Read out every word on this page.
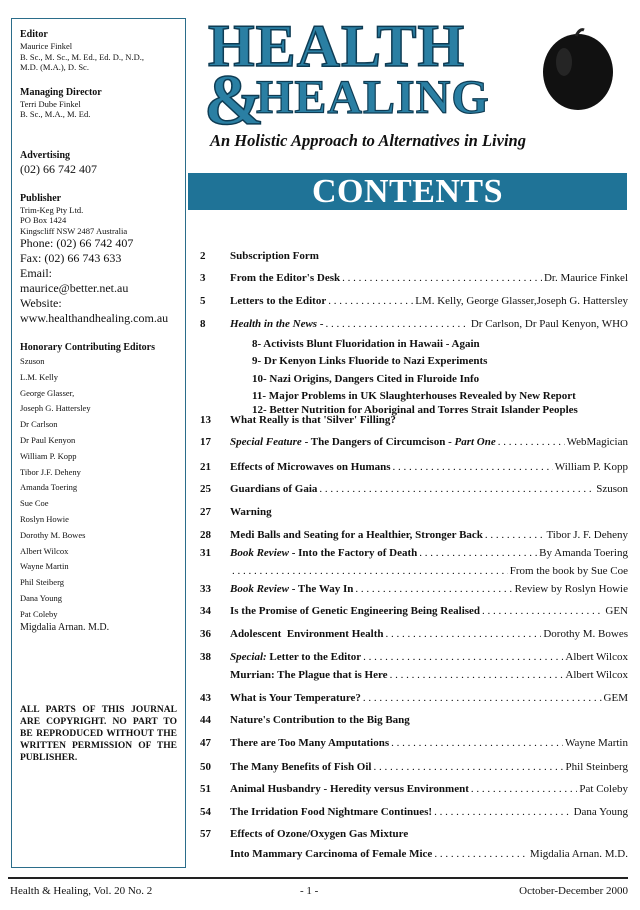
Editor
Maurice Finkel
B. Sc., M. Sc., M. Ed., Ed. D., N.D.,
M.D. (M.A.), D. Sc.
Managing Director
Terri Dube Finkel
B. Sc., M.A., M. Ed.
Advertising
(02) 66 742 407
Publisher
Trim-Keg Pty Ltd.
PO Box 1424
Kingscliff NSW 2487 Australia
Phone: (02) 66 742 407
Fax: (02) 66 743 633
Email:
maurice@better.net.au
Website:
www.healthandhealing.com.au
Honorary Contributing Editors
Szuson
L.M. Kelly
George Glasser,
Joseph G. Hattersley
Dr Carlson
Dr Paul Kenyon
William P. Kopp
Tibor J.F. Deheny
Amanda Toering
Sue Coe
Roslyn Howie
Dorothy M. Bowes
Albert Wilcox
Wayne Martin
Phil Steiberg
Dana Young
Pat Coleby
Migdalia Arnan. M.D.
ALL PARTS OF THIS JOURNAL ARE COPYRIGHT. NO PART TO BE REPRODUCED WITHOUT THE WRITTEN PERMISSION OF THE PUBLISHER.
HEALTH
&
HEALING
An Holistic Approach to Alternatives in Living
CONTENTS
2	Subscription Form
3	From the Editor's Desk . . .	Dr. Maurice Finkel
5	Letters to the Editor . . .	LM. Kelly, George Glasser,Joseph G. Hattersley
8	Health in the News - . . .	Dr Carlson, Dr Paul Kenyon, WHO
13	What Really is that 'Silver' Filling?
17	Special Feature - The Dangers of Circumcison - Part One . . .	WebMagician
21	Effects of Microwaves on Humans . . .	William P. Kopp
25	Guardians of Gaia . . .	Szuson
27	Warning
28	Medi Balls and Seating for a Healthier, Stronger Back . . .	Tibor J. F. Deheny
31	Book Review - Into the Factory of Death . . .	By Amanda Toering
. . .
From the book by Sue Coe
33	Book Review - The Way In . . .	Review by Roslyn Howie
34	Is the Promise of Genetic Engineering Being Realised . . .	GEN
36	Adolescent  Environment Health . . .	Dorothy M. Bowes
38	Special: Letter to the Editor . . .	Albert Wilcox
Murrian: The Plague that is Here . . .	Albert Wilcox
43	What is Your Temperature? . . .	GEM
44	Nature's Contribution to the Big Bang
47	There are Too Many Amputations . . .	Wayne Martin
50	The Many Benefits of Fish Oil . . .	Phil Steinberg
51	Animal Husbandry - Heredity versus Environment . . .	Pat Coleby
54	The Irridation Food Nightmare Continues! . . .	Dana Young
57	Effects of Ozone/Oxygen Gas Mixture
Into Mammary Carcinoma of Female Mice . . .	Migdalia Arnan. M.D.
8- Activists Blunt Fluoridation in Hawaii - Again
9- Dr Kenyon Links Fluoride to Nazi Experiments
10- Nazi Origins, Dangers Cited in Fluroide Info
11- Major Problems in UK Slaughterhouses Revealed by New Report
12- Better Nutrition for Aboriginal and Torres Strait Islander Peoples
Health & Healing, Vol. 20 No. 2	- 1 -	October-December 2000
